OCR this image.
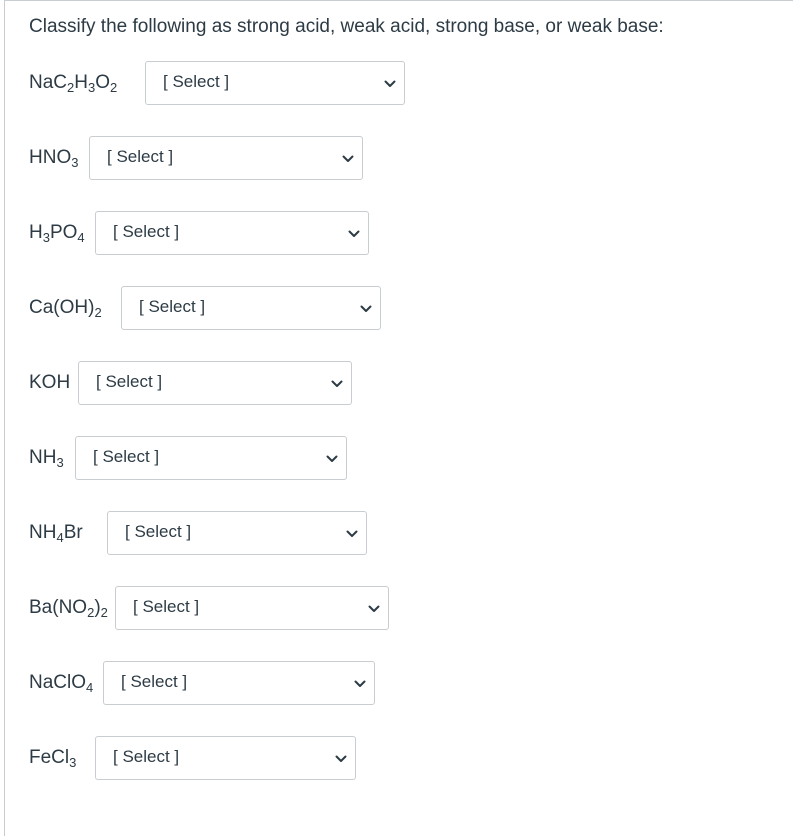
Classify the following as strong acid, weak acid, strong base, or weak base:
$NaC_2H_3O_2$	[ Select ]
$HNO_3$ [ Select ]
$H_3PO_4$ [ Select ]
$Ca(OH)_2$ [ Select ]
KOH [ Select ]
$NH_3$ [ Select ]
$NH_4Br$ [ Select ]
$Ba(NO_2)_2$ [ Select ]
NaClO$_4$ [ Select ]
FeCl$_3$ [ Select ]
